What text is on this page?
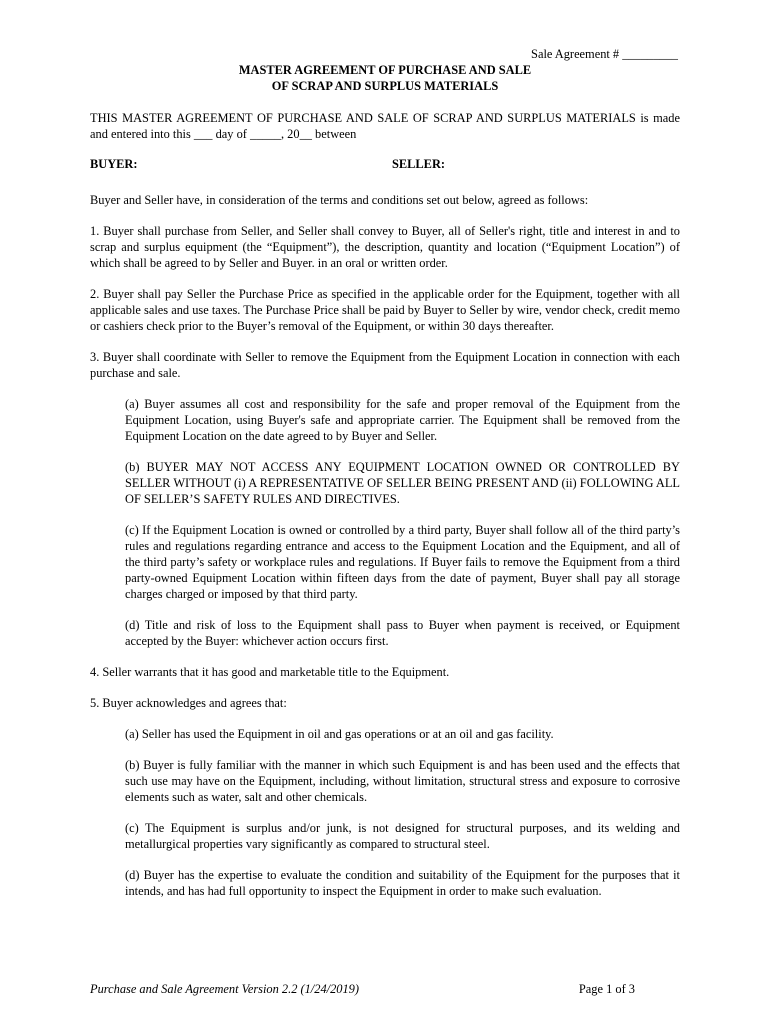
Sale Agreement # _________
MASTER AGREEMENT OF PURCHASE AND SALE
OF SCRAP AND SURPLUS MATERIALS

THIS MASTER AGREEMENT OF PURCHASE AND SALE OF SCRAP AND SURPLUS MATERIALS is made and entered into this ___ day of _____, 20__ between

BUYER:	SELLER:

Buyer and Seller have, in consideration of the terms and conditions set out below, agreed as follows:

1. Buyer shall purchase from Seller, and Seller shall convey to Buyer, all of Seller's right, title and interest in and to scrap and surplus equipment (the “Equipment”), the description, quantity and location (“Equipment Location”) of which shall be agreed to by Seller and Buyer. in an oral or written order.

2. Buyer shall pay Seller the Purchase Price as specified in the applicable order for the Equipment, together with all applicable sales and use taxes. The Purchase Price shall be paid by Buyer to Seller by wire, vendor check, credit memo or cashiers check prior to the Buyer’s removal of the Equipment, or within 30 days thereafter.

3. Buyer shall coordinate with Seller to remove the Equipment from the Equipment Location in connection with each purchase and sale.

(a) Buyer assumes all cost and responsibility for the safe and proper removal of the Equipment from the Equipment Location, using Buyer's safe and appropriate carrier. The Equipment shall be removed from the Equipment Location on the date agreed to by Buyer and Seller.

(b) BUYER MAY NOT ACCESS ANY EQUIPMENT LOCATION OWNED OR CONTROLLED BY SELLER WITHOUT (i) A REPRESENTATIVE OF SELLER BEING PRESENT AND (ii) FOLLOWING ALL OF SELLER’S SAFETY RULES AND DIRECTIVES.

(c) If the Equipment Location is owned or controlled by a third party, Buyer shall follow all of the third party’s rules and regulations regarding entrance and access to the Equipment Location and the Equipment, and all of the third party’s safety or workplace rules and regulations. If Buyer fails to remove the Equipment from a third party-owned Equipment Location within fifteen days from the date of payment, Buyer shall pay all storage charges charged or imposed by that third party.

(d) Title and risk of loss to the Equipment shall pass to Buyer when payment is received, or Equipment accepted by the Buyer: whichever action occurs first.

4. Seller warrants that it has good and marketable title to the Equipment.

5. Buyer acknowledges and agrees that:

(a) Seller has used the Equipment in oil and gas operations or at an oil and gas facility.

(b) Buyer is fully familiar with the manner in which such Equipment is and has been used and the effects that such use may have on the Equipment, including, without limitation, structural stress and exposure to corrosive elements such as water, salt and other chemicals.

(c) The Equipment is surplus and/or junk, is not designed for structural purposes, and its welding and metallurgical properties vary significantly as compared to structural steel.

(d) Buyer has the expertise to evaluate the condition and suitability of the Equipment for the purposes that it intends, and has had full opportunity to inspect the Equipment in order to make such evaluation.

Purchase and Sale Agreement Version 2.2 (1/24/2019)	Page 1 of 3
